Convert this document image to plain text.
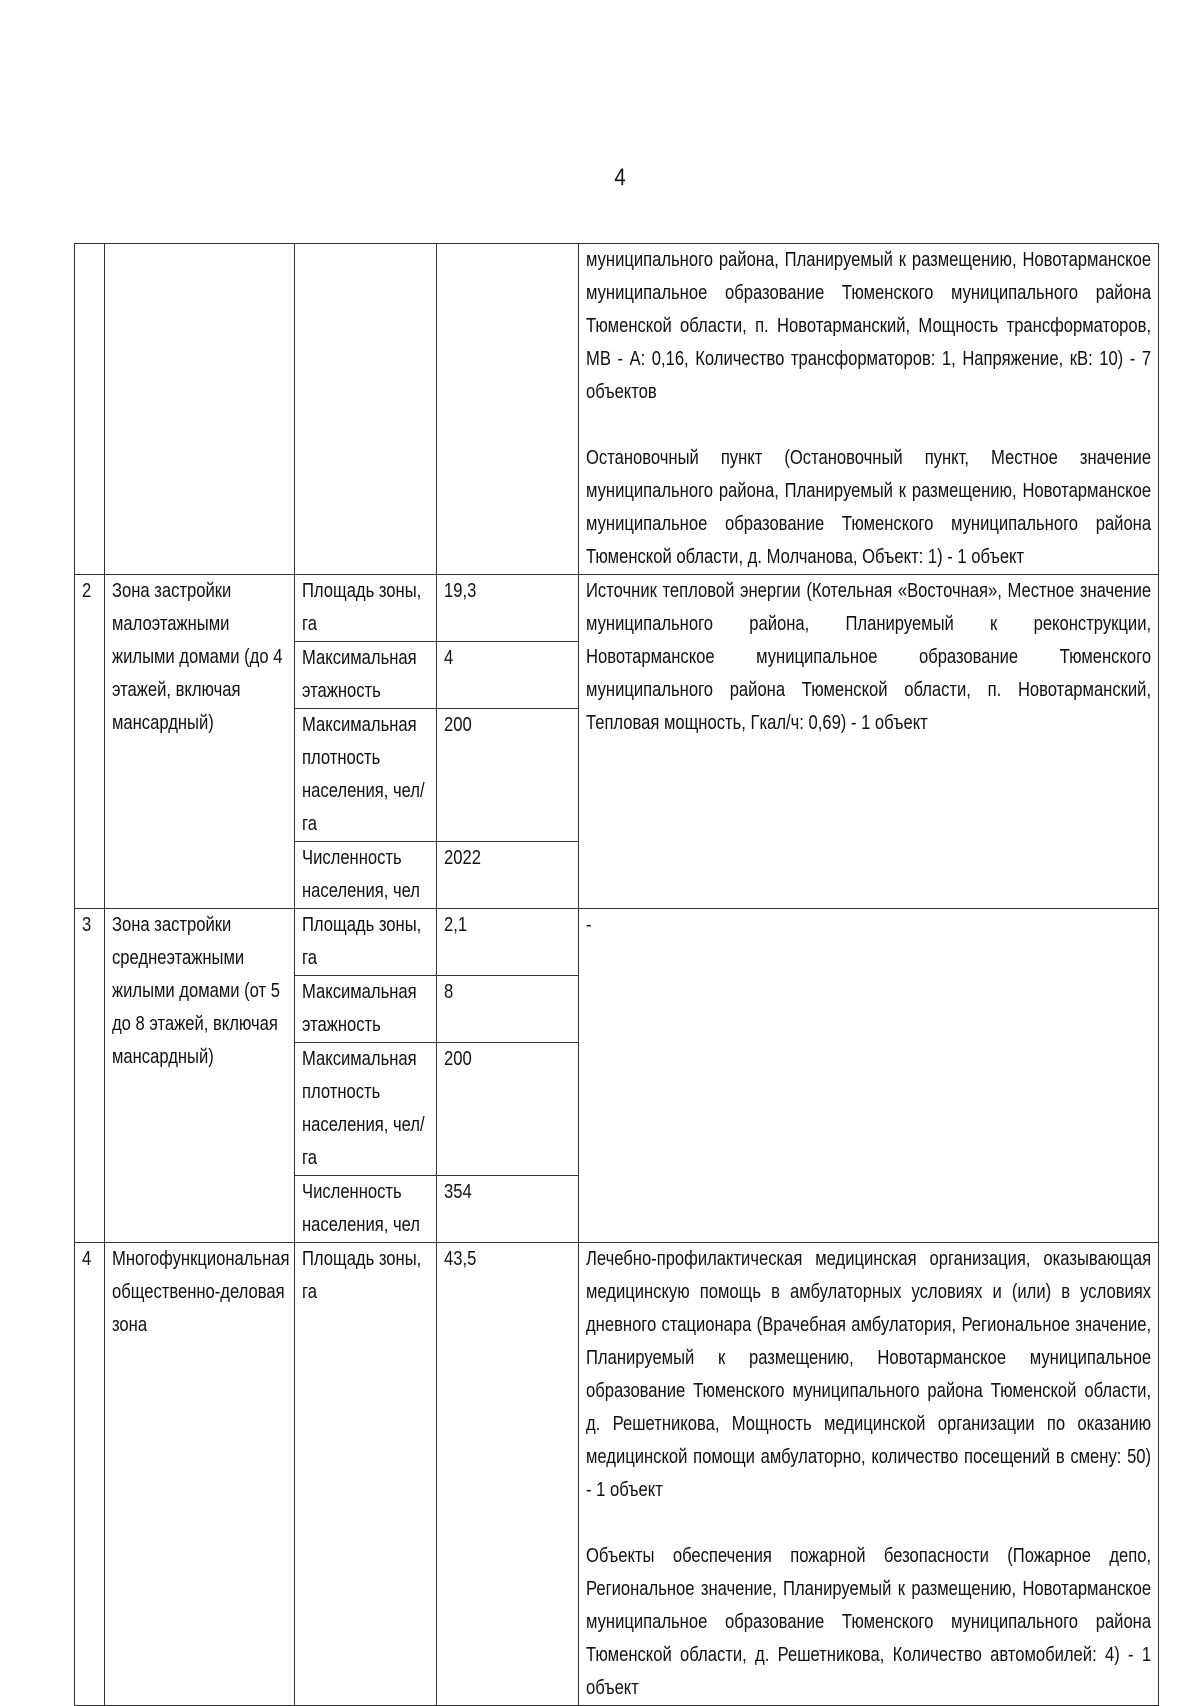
4

				муниципального района, Планируемый к размещению, Новотарманское муниципальное образование Тюменского муниципального района Тюменской области, п. Новотарманский, Мощность трансформаторов, МВ - А: 0,16, Количество трансформаторов: 1, Напряжение, кВ: 10) - 7 объектов

Остановочный пункт (Остановочный пункт, Местное значение муниципального района, Планируемый к размещению, Новотарманское муниципальное образование Тюменского муниципального района Тюменской области, д. Молчанова, Объект: 1) - 1 объект

2	Зона застройки малоэтажными жилыми домами (до 4 этажей, включая мансардный)	Площадь зоны, га	19,3	Источник тепловой энергии (Котельная «Восточная», Местное значение муниципального района, Планируемый к реконструкции, Новотарманское муниципальное образование Тюменского муниципального района Тюменской области, п. Новотарманский, Тепловая мощность, Гкал/ч: 0,69) - 1 объект

		Максимальная этажность	4	
		Максимальная плотность населения, чел/га	200	
		Численность населения, чел	2022	
3	Зона застройки среднеэтажными жилыми домами (от 5 до 8 этажей, включая мансардный)	Площадь зоны, га	2,1	-

		Максимальная этажность	8	
		Максимальная плотность населения, чел/га	200	
		Численность населения, чел	354	
4	Многофункциональная общественно-деловая зона	Площадь зоны, га	43,5	Лечебно-профилактическая медицинская организация, оказывающая медицинскую помощь в амбулаторных условиях и (или) в условиях дневного стационара (Врачебная амбулатория, Региональное значение, Планируемый к размещению, Новотарманское муниципальное образование Тюменского муниципального района Тюменской области, д. Решетникова, Мощность медицинской организации по оказанию медицинской помощи амбулаторно, количество посещений в смену: 50) - 1 объект

Объекты обеспечения пожарной безопасности (Пожарное депо, Региональное значение, Планируемый к размещению, Новотарманское муниципальное образование Тюменского муниципального района Тюменской области, д. Решетникова, Количество автомобилей: 4) - 1 объект
